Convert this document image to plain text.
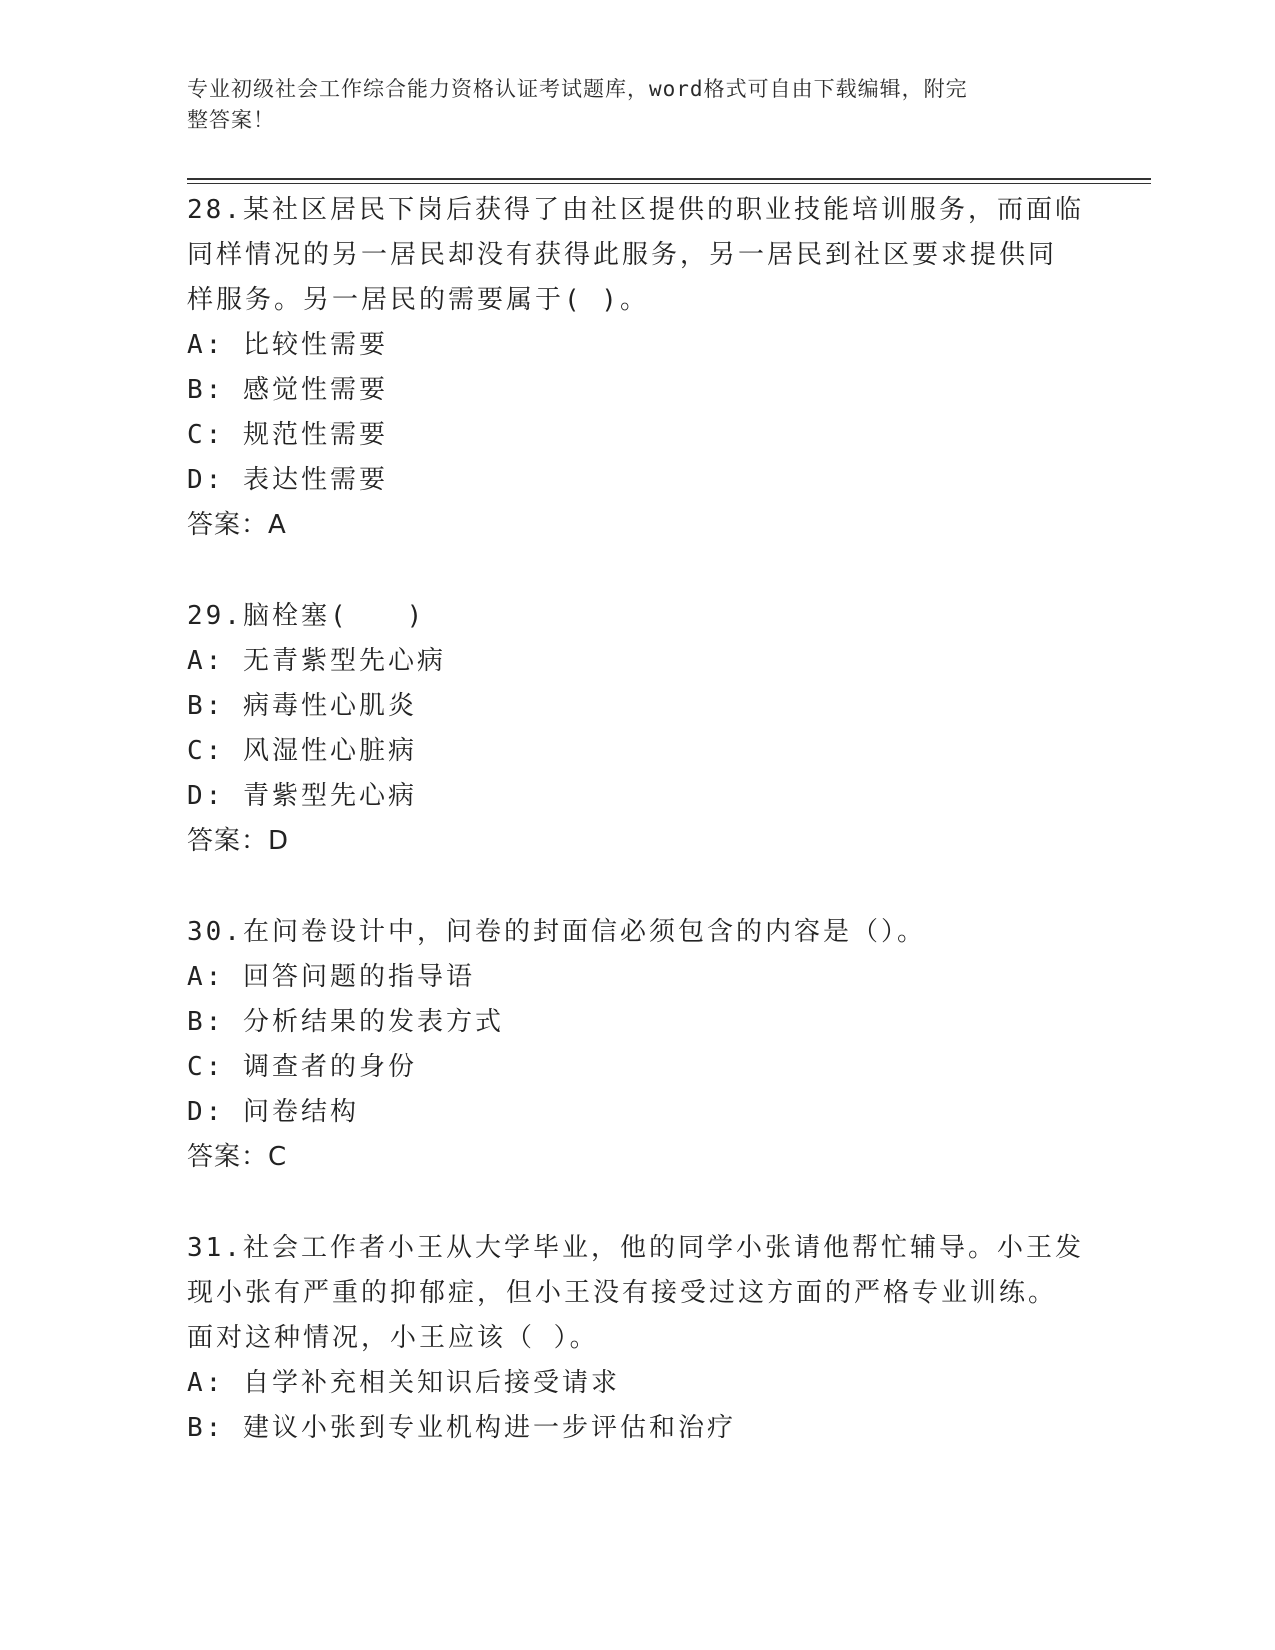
专业初级社会工作综合能力资格认证考试题库，word格式可自由下载编辑，附完
整答案！
28.某社区居民下岗后获得了由社区提供的职业技能培训服务，而面临
同样情况的另一居民却没有获得此服务，另一居民到社区要求提供同
样服务。另一居民的需要属于( )。
A: 比较性需要
B: 感觉性需要
C: 规范性需要
D: 表达性需要
答案：A
29.脑栓塞(　　)
A: 无青紫型先心病
B: 病毒性心肌炎
C: 风湿性心脏病
D: 青紫型先心病
答案：D
30.在问卷设计中，问卷的封面信必须包含的内容是（）。
A: 回答问题的指导语
B: 分析结果的发表方式
C: 调查者的身份
D: 问卷结构
答案：C
31.社会工作者小王从大学毕业，他的同学小张请他帮忙辅导。小王发
现小张有严重的抑郁症，但小王没有接受过这方面的严格专业训练。
面对这种情况，小王应该（ ）。
A: 自学补充相关知识后接受请求
B: 建议小张到专业机构进一步评估和治疗
